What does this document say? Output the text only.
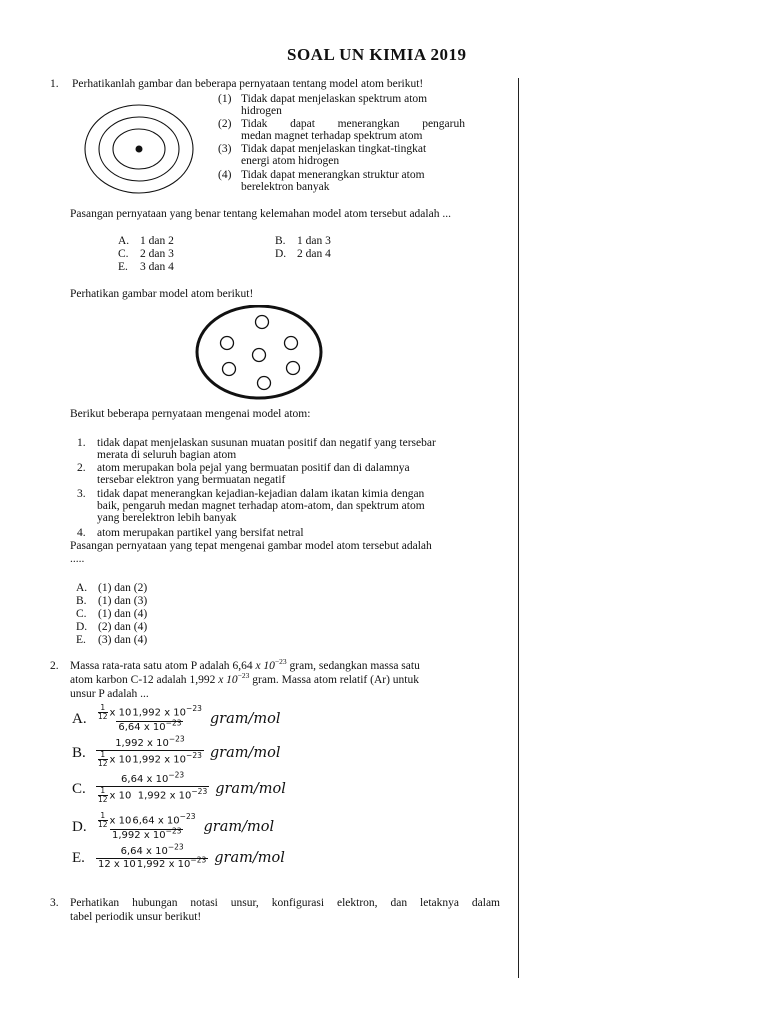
SOAL UN KIMIA 2019
1. Perhatikanlah gambar dan beberapa pernyataan tentang model atom berikut!
(1) Tidak dapat menjelaskan spektrum atom
hidrogen
(2) Tidak dapat menerangkan pengaruh
medan magnet terhadap spektrum atom
(3) Tidak dapat menjelaskan tingkat-tingkat
energi atom hidrogen
(4) Tidak dapat menerangkan struktur atom
berelektron banyak
Pasangan pernyataan yang benar tentang kelemahan model atom tersebut adalah ...
A. 1 dan 2	B. 1 dan 3
C. 2 dan 3	D. 2 dan 4
E. 3 dan 4
Perhatikan gambar model atom berikut!
Berikut beberapa pernyataan mengenai model atom:
1. tidak dapat menjelaskan susunan muatan positif dan negatif yang tersebar
merata di seluruh bagian atom
2. atom merupakan bola pejal yang bermuatan positif dan di dalamnya
tersebar elektron yang bermuatan negatif
3. tidak dapat menerangkan kejadian-kejadian dalam ikatan kimia dengan
baik, pengaruh medan magnet terhadap atom-atom, dan spektrum atom
yang berelektron lebih banyak
4. atom merupakan partikel yang bersifat netral
Pasangan pernyataan yang tepat mengenai gambar model atom tersebut adalah
.....
A. (1) dan (2)
B. (1) dan (3)
C. (1) dan (4)
D. (2) dan (4)
E. (3) dan (4)
2. Massa rata-rata satu atom P adalah 6,64 x $10^{-23}$ gram, sedangkan massa satu
atom karbon C-12 adalah 1,992 x $10^{-23}$ gram. Massa atom relatif (Ar) untuk
unsur P adalah ...
A.	$\frac{\frac{1}{12} x 10 1,992 x 10^{-23}}{6,64 x 10^{-23}}$ gram/mol
B.	$\frac{1,992 x 10^{-23}}{\frac{1}{12} x 10 1,992 x 10^{-23}}$ gram/mol
C.	$\frac{6,64 x 10^{-23}}{\frac{1}{12} x 10 1,992 x 10^{-23}}$ gram/mol
D.	$\frac{\frac{1}{12} x 10 6,64 x 10^{-23}}{1,992 x 10^{-23}}$ gram/mol
E.	$\frac{6,64 x 10^{-23}}{12 x 10 1,992 x 10^{-23}}$ gram/mol
3. Perhatikan hubungan notasi unsur, konfigurasi elektron, dan letaknya dalam
tabel periodik unsur berikut!
